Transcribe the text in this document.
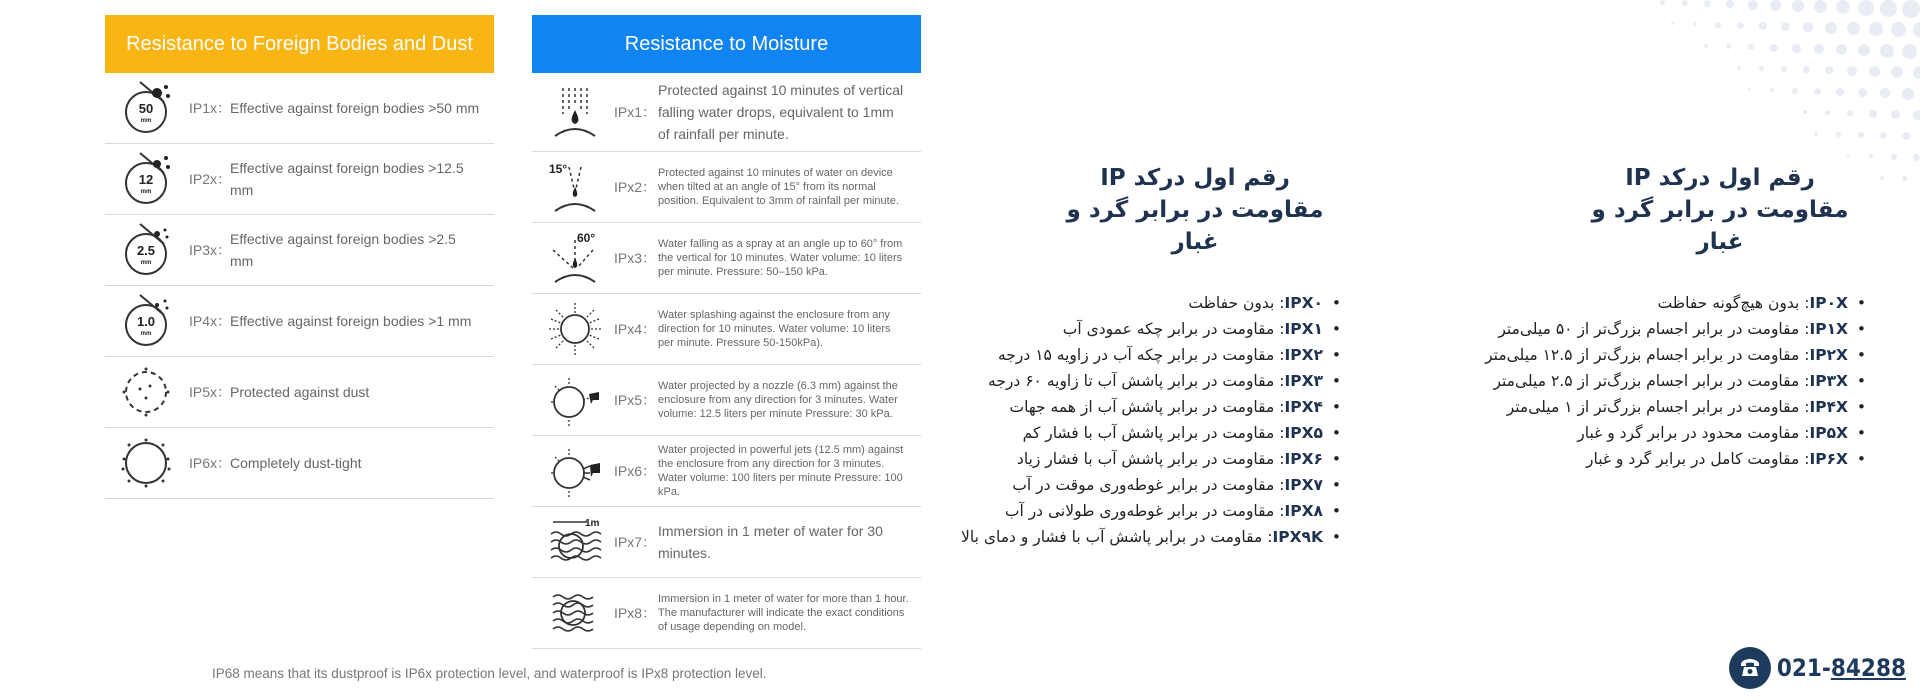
Resistance to Foreign Bodies and Dust
50
mm
IP1x：
Effective against foreign bodies >50 mm
12
mm
IP2x：
Effective against foreign bodies >12.5 mm
2.5
mm
IP3x：
Effective against foreign bodies >2.5 mm
1.0
mm
IP4x：
Effective against foreign bodies >1 mm
IP5x：
Protected against dust
IP6x：
Completely dust-tight
Resistance to Moisture
IPx1：
Protected against 10 minutes of vertical falling water drops, equivalent to 1mm of rainfall per minute.
15°
IPx2：
Protected against 10 minutes of water on device when tilted at an angle of 15° from its normal position. Equivalent to 3mm of rainfall per minute.
60°
IPx3：
Water falling as a spray at an angle up to 60° from the vertical for 10 minutes. Water volume: 10 liters per minute. Pressure: 50–150 kPa.
IPx4：
Water splashing against the enclosure from any direction for 10 minutes. Water volume: 10 liters per minute. Pressure 50-150kPa).
IPx5：
Water projected by a nozzle (6.3 mm) against the enclosure from any direction for 3 minutes. Water volume: 12.5 liters per minute Pressure: 30 kPa.
IPx6：
Water projected in powerful jets (12.5 mm) against the enclosure from any direction for 3 minutes. Water volume: 100 liters per minute Pressure: 100 kPa.
1m
IPx7：
Immersion in 1 meter of water for 30 minutes.
IPx8：
Immersion in 1 meter of water for more than 1 hour. The manufacturer will indicate the exact conditions of usage depending on model.
IP68 means that its dustproof is IP6x protection level, and waterproof is IPx8 protection level.
رقم اول درکد IP
مقاومت در برابر گرد و غبار
• IPX۰: بدون حفاظت
• IPX۱: مقاومت در برابر چکه عمودی آب
• IPX۲: مقاومت در برابر چکه آب در زاویه ۱۵ درجه
• IPX۳: مقاومت در برابر پاشش آب تا زاویه ۶۰ درجه
• IPX۴: مقاومت در برابر پاشش آب از همه جهات
• IPX۵: مقاومت در برابر پاشش آب با فشار کم
• IPX۶: مقاومت در برابر پاشش آب با فشار زیاد
• IPX۷: مقاومت در برابر غوطه‌وری موقت در آب
• IPX۸: مقاومت در برابر غوطه‌وری طولانی در آب
• IPX۹K: مقاومت در برابر پاشش آب با فشار و دمای بالا
رقم اول درکد IP
مقاومت در برابر گرد و غبار
• IP۰X: بدون هیچ‌گونه حفاظت
• IP۱X: مقاومت در برابر اجسام بزرگ‌تر از ۵۰ میلی‌متر
• IP۲X: مقاومت در برابر اجسام بزرگ‌تر از ۱۲.۵ میلی‌متر
• IP۳X: مقاومت در برابر اجسام بزرگ‌تر از ۲.۵ میلی‌متر
• IP۴X: مقاومت در برابر اجسام بزرگ‌تر از ۱ میلی‌متر
• IP۵X: مقاومت محدود در برابر گرد و غبار
• IP۶X: مقاومت کامل در برابر گرد و غبار
021-84288
